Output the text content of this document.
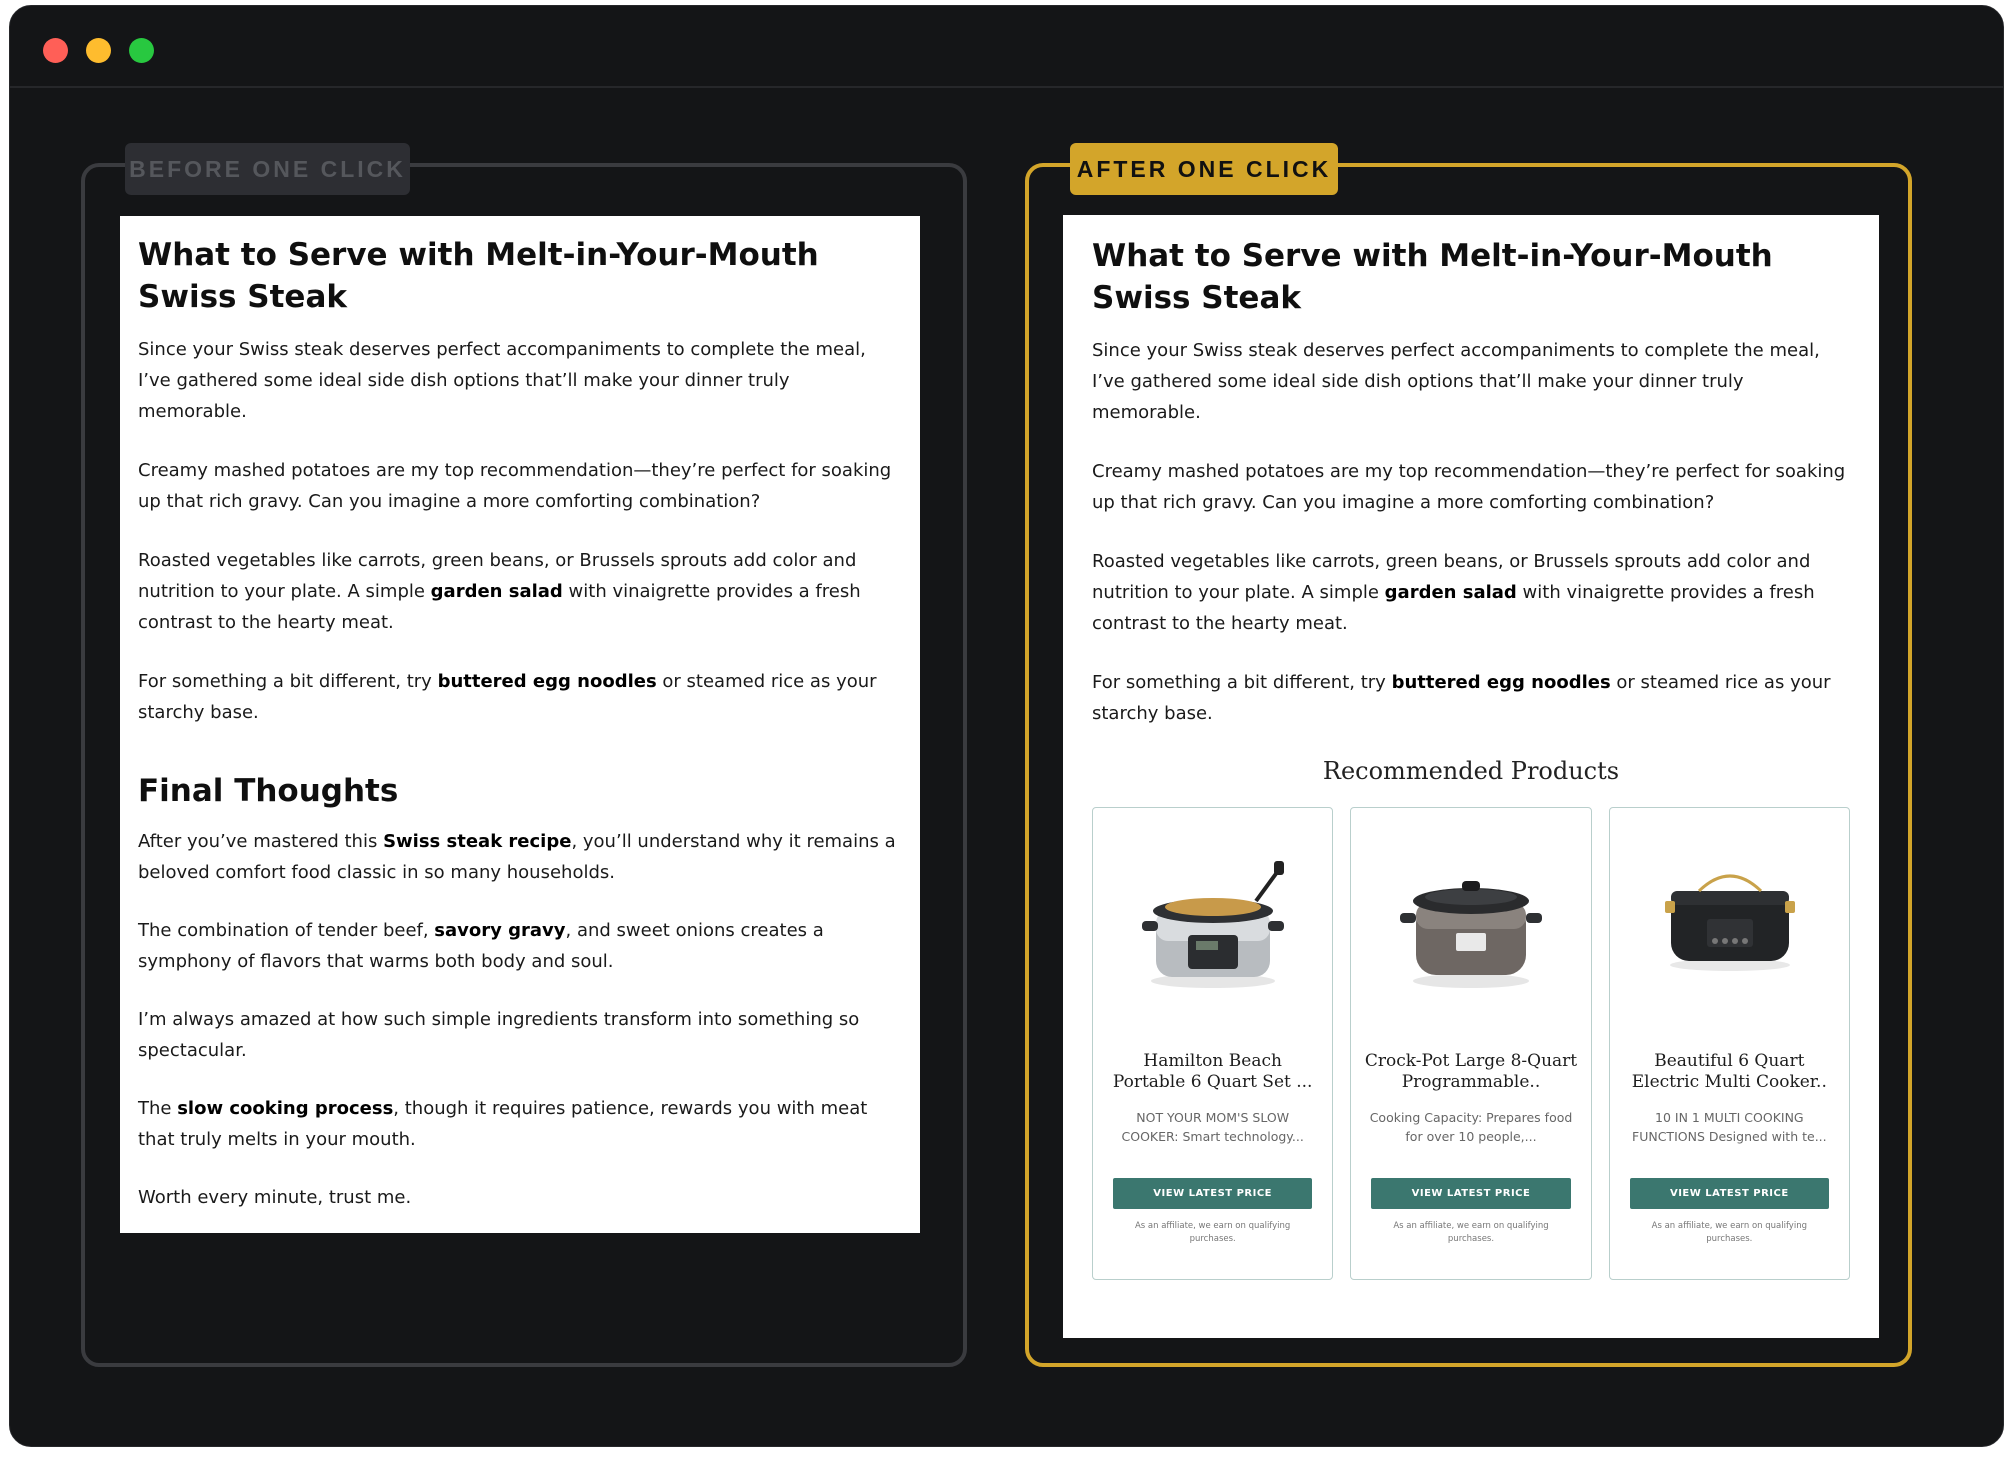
BEFORE ONE CLICK
What to Serve with Melt-in-Your-Mouth Swiss Steak
Since your Swiss steak deserves perfect accompaniments to complete the meal, I’ve gathered some ideal side dish options that’ll make your dinner truly memorable.
Creamy mashed potatoes are my top recommendation—they’re perfect for soaking up that rich gravy. Can you imagine a more comforting combination?
Roasted vegetables like carrots, green beans, or Brussels sprouts add color and nutrition to your plate. A simple garden salad with vinaigrette provides a fresh contrast to the hearty meat.
For something a bit different, try buttered egg noodles or steamed rice as your starchy base.
Final Thoughts
After you’ve mastered this Swiss steak recipe, you’ll understand why it remains a beloved comfort food classic in so many households.
The combination of tender beef, savory gravy, and sweet onions creates a symphony of flavors that warms both body and soul.
I’m always amazed at how such simple ingredients transform into something so spectacular.
The slow cooking process, though it requires patience, rewards you with meat that truly melts in your mouth.
Worth every minute, trust me.
AFTER ONE CLICK
What to Serve with Melt-in-Your-Mouth Swiss Steak
Since your Swiss steak deserves perfect accompaniments to complete the meal, I’ve gathered some ideal side dish options that’ll make your dinner truly memorable.
Creamy mashed potatoes are my top recommendation—they’re perfect for soaking up that rich gravy. Can you imagine a more comforting combination?
Roasted vegetables like carrots, green beans, or Brussels sprouts add color and nutrition to your plate. A simple garden salad with vinaigrette provides a fresh contrast to the hearty meat.
For something a bit different, try buttered egg noodles or steamed rice as your starchy base.
Recommended Products
Hamilton Beach Portable 6 Quart Set ...
NOT YOUR MOM'S SLOW COOKER: Smart technology...
VIEW LATEST PRICE
As an affiliate, we earn on qualifying purchases.
Crock-Pot Large 8-Quart Programmable..
Cooking Capacity: Prepares food for over 10 people,...
VIEW LATEST PRICE
As an affiliate, we earn on qualifying purchases.
Beautiful 6 Quart Electric Multi Cooker..
10 IN 1 MULTI COOKING FUNCTIONS Designed with te...
VIEW LATEST PRICE
As an affiliate, we earn on qualifying purchases.
